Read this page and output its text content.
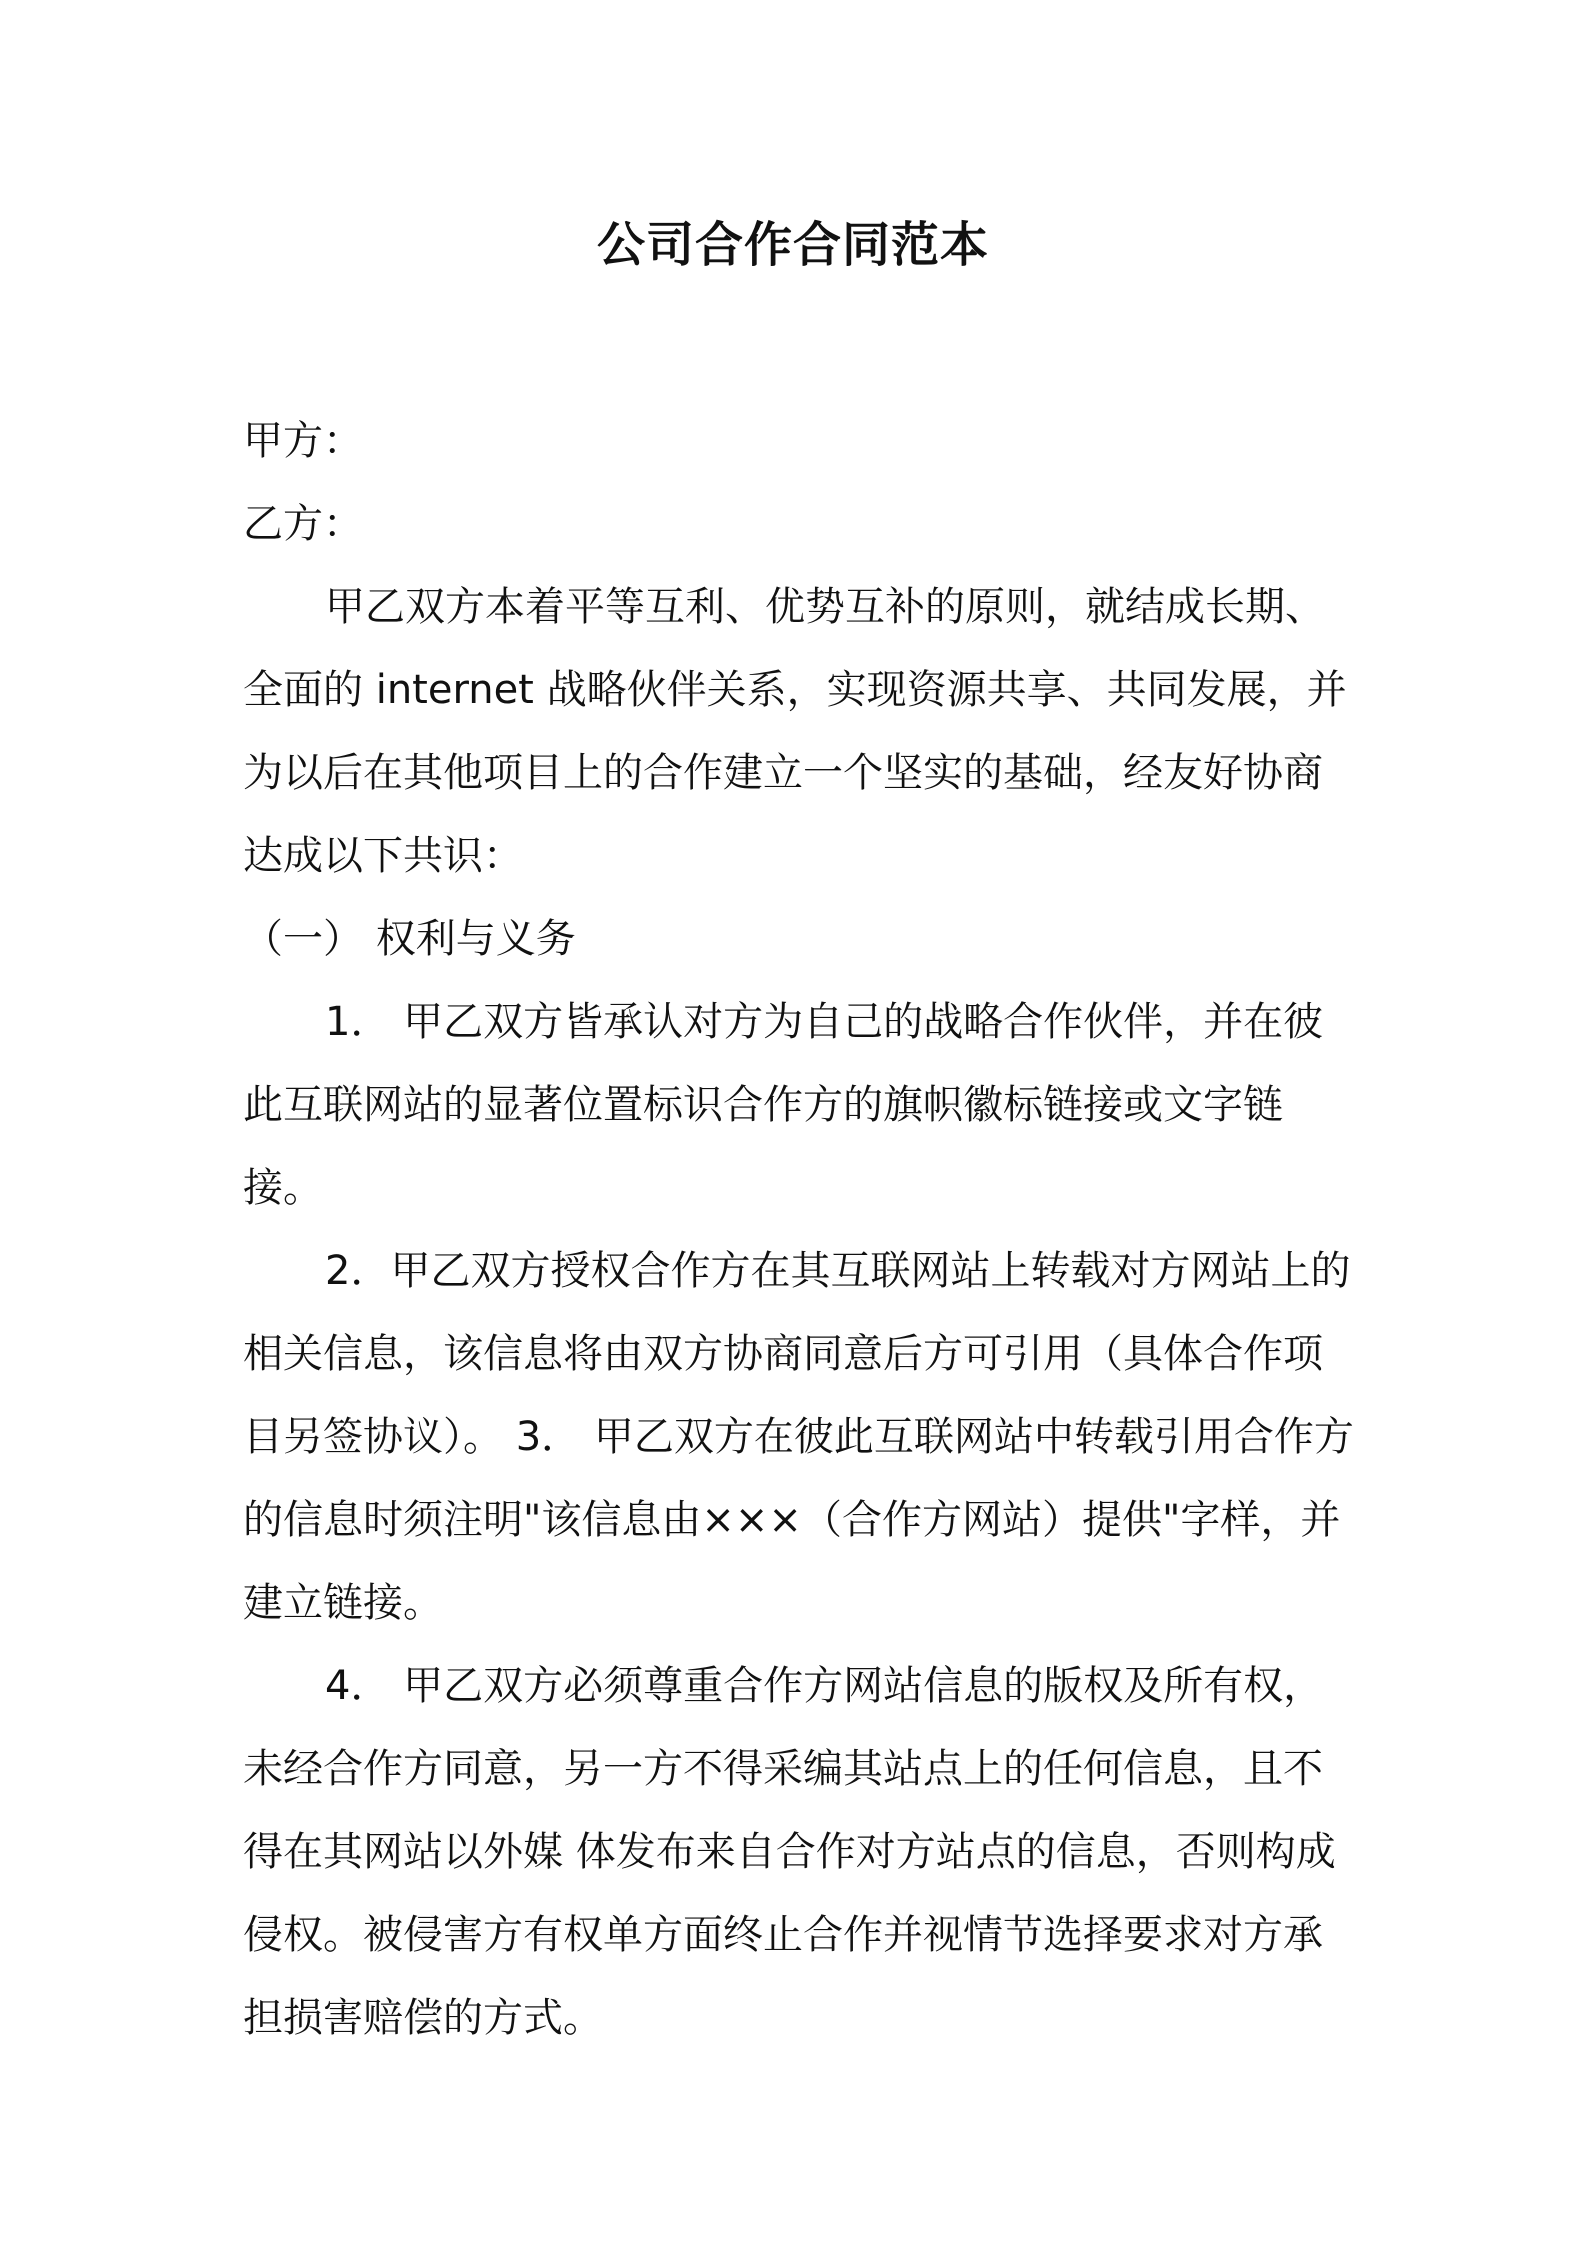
公司合作合同范本

甲方：

乙方：

甲乙双方本着平等互利、优势互补的原则，就结成长期、全面的 internet 战略伙伴关系，实现资源共享、共同发展，并为以后在其他项目上的合作建立一个坚实的基础，经友好协商达成以下共识：

（一） 权利与义务

1． 甲乙双方皆承认对方为自己的战略合作伙伴，并在彼此互联网站的显著位置标识合作方的旗帜徽标链接或文字链接。

2．甲乙双方授权合作方在其互联网站上转载对方网站上的相关信息，该信息将由双方协商同意后方可引用（具体合作项目另签协议）。 3． 甲乙双方在彼此互联网站中转载引用合作方的信息时须注明"该信息由×××（合作方网站）提供"字样，并建立链接。

4． 甲乙双方必须尊重合作方网站信息的版权及所有权，未经合作方同意，另一方不得采编其站点上的任何信息，且不得在其网站以外媒 体发布来自合作对方站点的信息，否则构成侵权。被侵害方有权单方面终止合作并视情节选择要求对方承担损害赔偿的方式。
